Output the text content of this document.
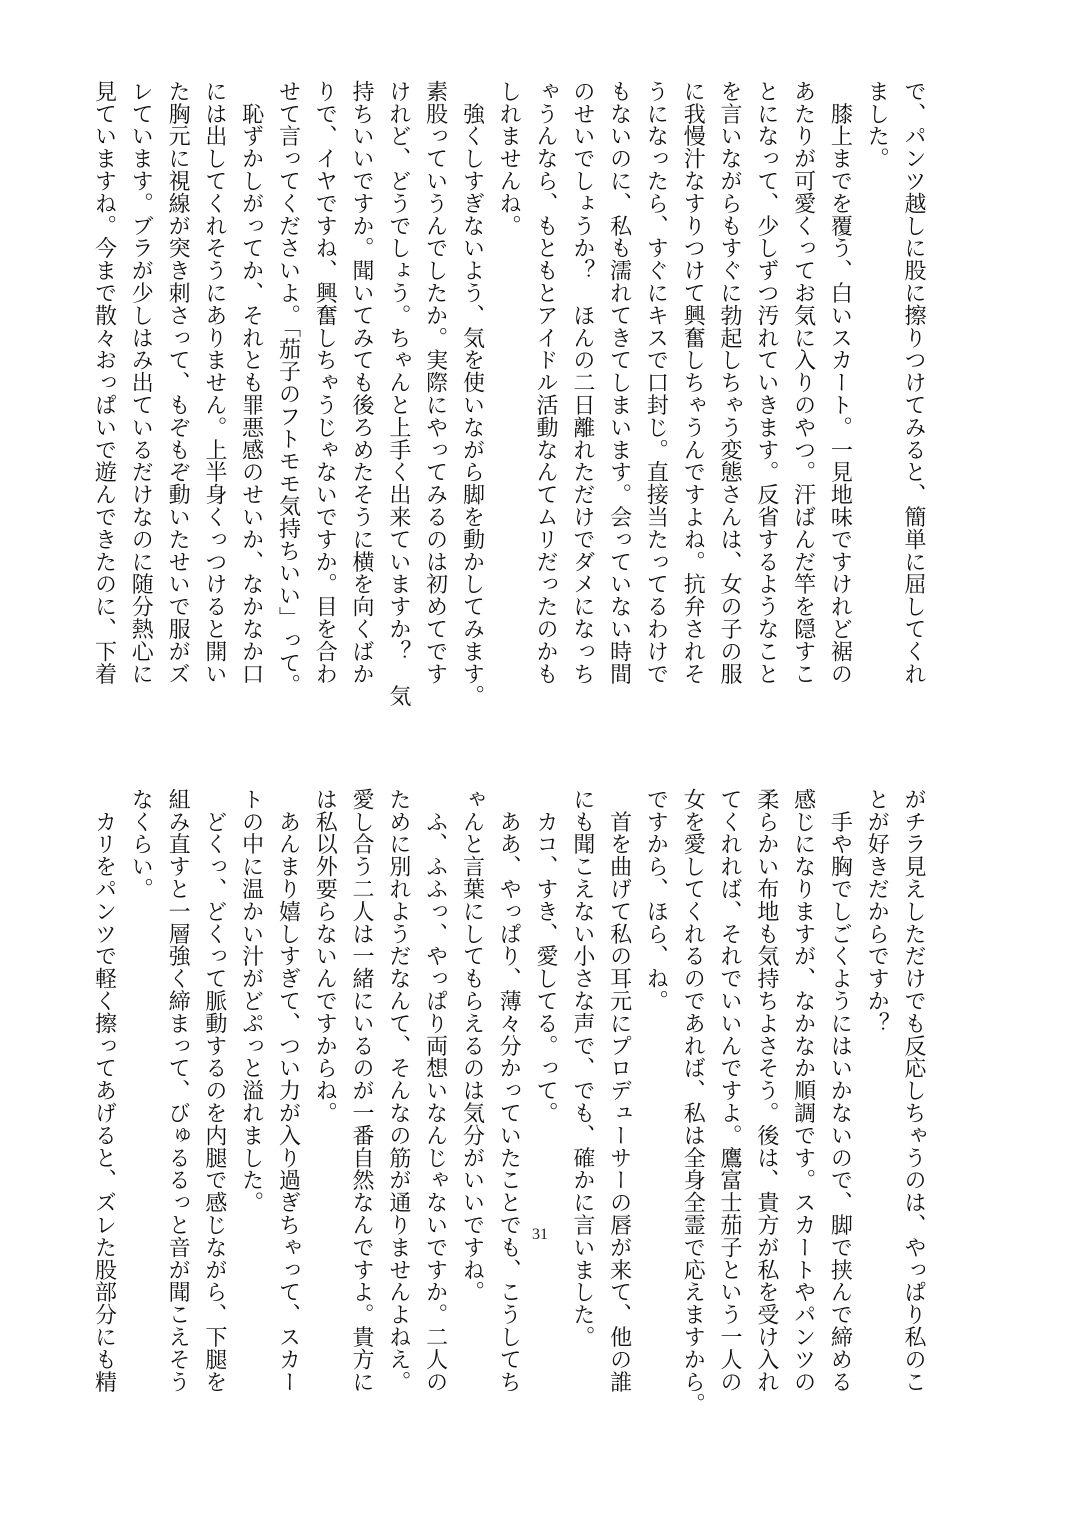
で、パンツ越しに股に擦りつけてみると、簡単に屈してくれ
ました。
　膝上までを覆う、白いスカート。一見地味ですけれど裾の
あたりが可愛くってお気に入りのやつ。汗ばんだ竿を隠すこ
とになって、少しずつ汚れていきます。反省するようなこと
を言いながらもすぐに勃起しちゃう変態さんは、女の子の服
に我慢汁なすりつけて興奮しちゃうんですよね。抗弁されそ
うになったら、すぐにキスで口封じ。直接当たってるわけで
もないのに、私も濡れてきてしまいます。会っていない時間
のせいでしょうか？　ほんの二日離れただけでダメになっち
ゃうんなら、もともとアイドル活動なんてムリだったのかも
しれませんね。
　強くしすぎないよう、気を使いながら脚を動かしてみます。
素股っていうんでしたか。実際にやってみるのは初めてです
けれど、どうでしょう。ちゃんと上手く出来ていますか？　気
持ちいいですか。聞いてみても後ろめたそうに横を向くばか
りで、イヤですね、興奮しちゃうじゃないですか。目を合わ
せて言ってくださいよ。「茄子のフトモモ気持ちいい」って。
　恥ずかしがってか、それとも罪悪感のせいか、なかなか口
には出してくれそうにありません。上半身くっつけると開い
た胸元に視線が突き刺さって、もぞもぞ動いたせいで服がズ
レています。ブラが少しはみ出ているだけなのに随分熱心に
見ていますね。今まで散々おっぱいで遊んできたのに、下着
がチラ見えしただけでも反応しちゃうのは、やっぱり私のこ
とが好きだからですか？
　手や胸でしごくようにはいかないので、脚で挟んで締める
感じになりますが、なかなか順調です。スカートやパンツの
柔らかい布地も気持ちよさそう。後は、貴方が私を受け入れ
てくれれば、それでいいんですよ。鷹富士茄子という一人の
女を愛してくれるのであれば、私は全身全霊で応えますから。
ですから、ほら、ね。
　首を曲げて私の耳元にプロデューサーの唇が来て、他の誰
にも聞こえない小さな声で、でも、確かに言いました。
　カコ、すき、愛してる。って。
　ああ、やっぱり、薄々分かっていたことでも、こうしてち
ゃんと言葉にしてもらえるのは気分がいいですね。
　ふ、ふふっ、やっぱり両想いなんじゃないですか。二人の
ために別れようだなんて、そんなの筋が通りませんよねえ。
愛し合う二人は一緒にいるのが一番自然なんですよ。貴方に
は私以外要らないんですからね。
　あんまり嬉しすぎて、つい力が入り過ぎちゃって、スカー
トの中に温かい汁がどぷっと溢れました。
　どくっ、どくって脈動するのを内腿で感じながら、下腿を
組み直すと一層強く締まって、びゅるるっと音が聞こえそう
なくらい。
　カリをパンツで軽く擦ってあげると、ズレた股部分にも精	31
